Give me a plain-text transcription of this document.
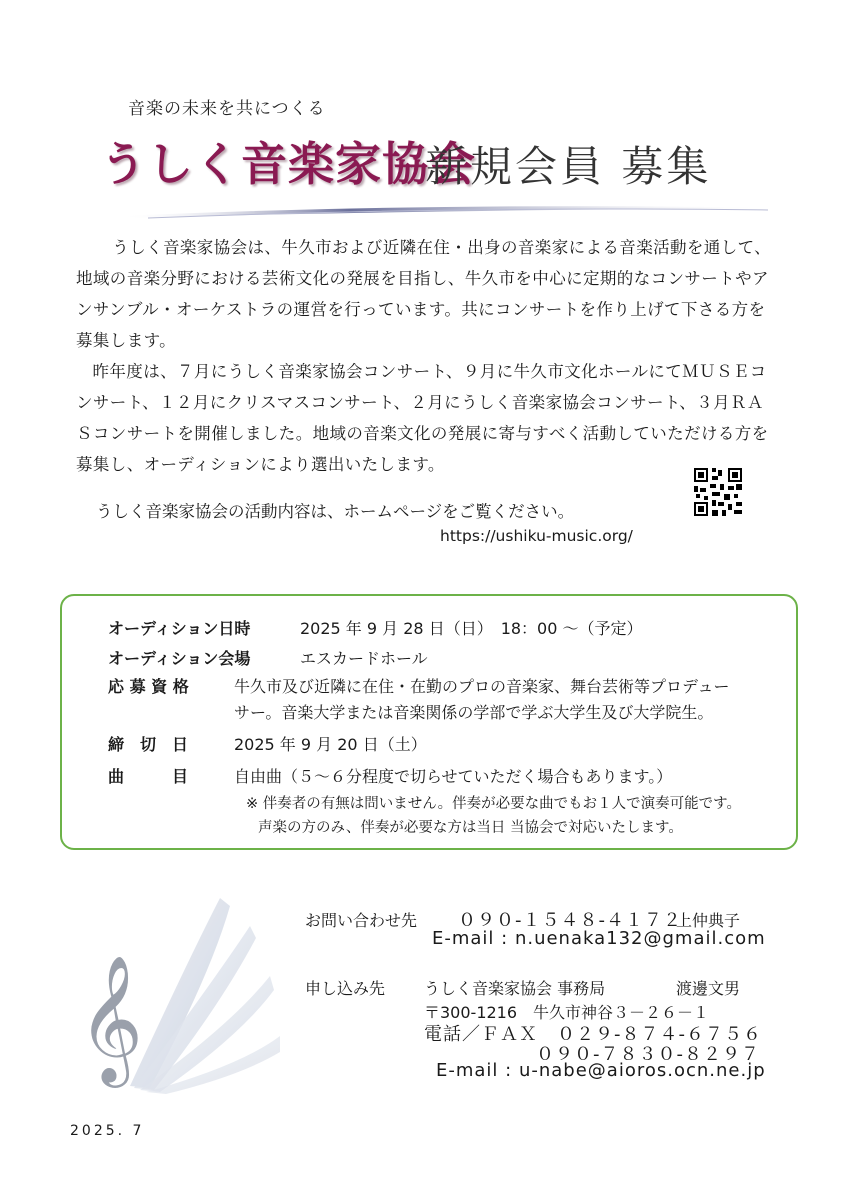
音楽の未来を共につくる
うしく音楽家協会
新規会員 募集

うしく音楽家協会は、牛久市および近隣在住・出身の音楽家による音楽活動を通して、地域の音楽分野における芸術文化の発展を目指し、牛久市を中心に定期的なコンサートやアンサンブル・オーケストラの運営を行っています。共にコンサートを作り上げて下さる方を募集します。

昨年度は、７月にうしく音楽家協会コンサート、９月に牛久市文化ホールにてＭＵＳＥコンサート、１２月にクリスマスコンサート、２月にうしく音楽家協会コンサート、３月ＲＡＳコンサートを開催しました。地域の音楽文化の発展に寄与すべく活動していただける方を募集し、オーディションにより選出いたします。

うしく音楽家協会の活動内容は、ホームページをご覧ください。
https://ushiku-music.org/
オーディション日時	2025 年 9 月 28 日（日）　18：00 ～（予定）
オーディション会場	エスカードホール
応 募 資 格	牛久市及び近隣に在住・在勤のプロの音楽家、舞台芸術等プロデュー
サー。音楽大学または音楽関係の学部で学ぶ大学生及び大学院生。
締　切　日	2025 年 9 月 20 日（土）
曲　　　目	自由曲（５～６分程度で切らせていただく場合もあります。）
※ 伴奏者の有無は問いません。伴奏が必要な曲でもお１人で演奏可能です。
声楽の方のみ、伴奏が必要な方は当日 当協会で対応いたします。
𝄞
お問い合わせ先 ０９０-１５４８-４１７２
上仲典子
E-mail : n.uenaka132@gmail.com
申し込み先 うしく音楽家協会 事務局	渡邊文男
〒300-1216　牛久市神谷３－２６－１
電話／ＦＡＸ　０２９-８７４-６７５６
０９０-７８３０-８２９７
E-mail : u-nabe@aioros.ocn.ne.jp
2025. 7
